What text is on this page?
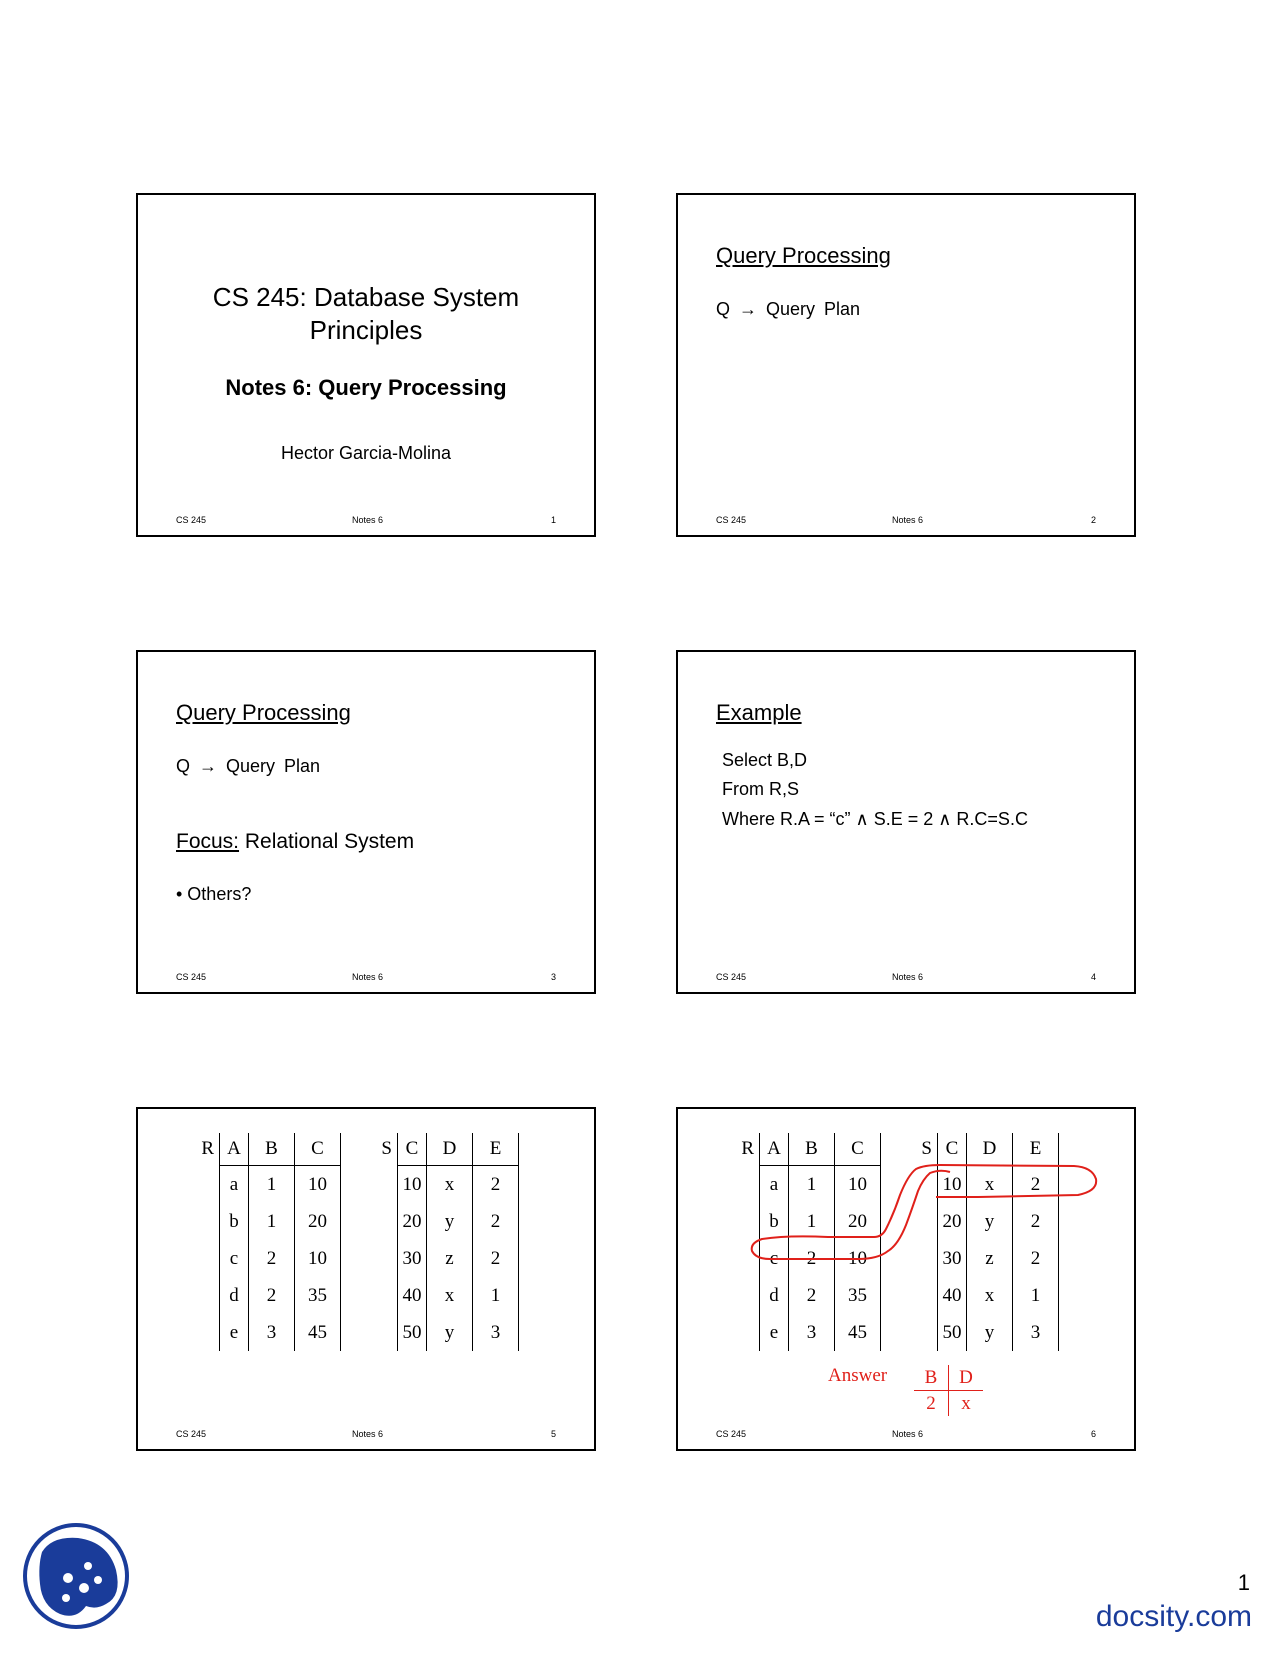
CS 245: Database System
Principles
Notes 6: Query Processing
Hector Garcia-Molina
CS 245	Notes 6	1
Query Processing
Q → Query Plan
CS 245	Notes 6	2
Query Processing
Q → Query Plan
Focus: Relational System
• Others?
CS 245	Notes 6	3
Example
Select B,D
From R,S
Where R.A = “c” ∧ S.E = 2 ∧ R.C=S.C
CS 245	Notes 6	4
R	A	B	C
	a	1	10
	b	1	20
	c	2	10
	d	2	35
	e	3	45
S	C	D	E
	10	x	2
	20	y	2
	30	z	2
	40	x	1
	50	y	3
CS 245	Notes 6	5
R	A	B	C
	a	1	10
	b	1	20
	c	2	10
	d	2	35
	e	3	45
S	C	D	E
	10	x	2
	20	y	2
	30	z	2
	40	x	1
	50	y	3
Answer B	D
2	x
CS 245	Notes 6	6
1
docsity.com
